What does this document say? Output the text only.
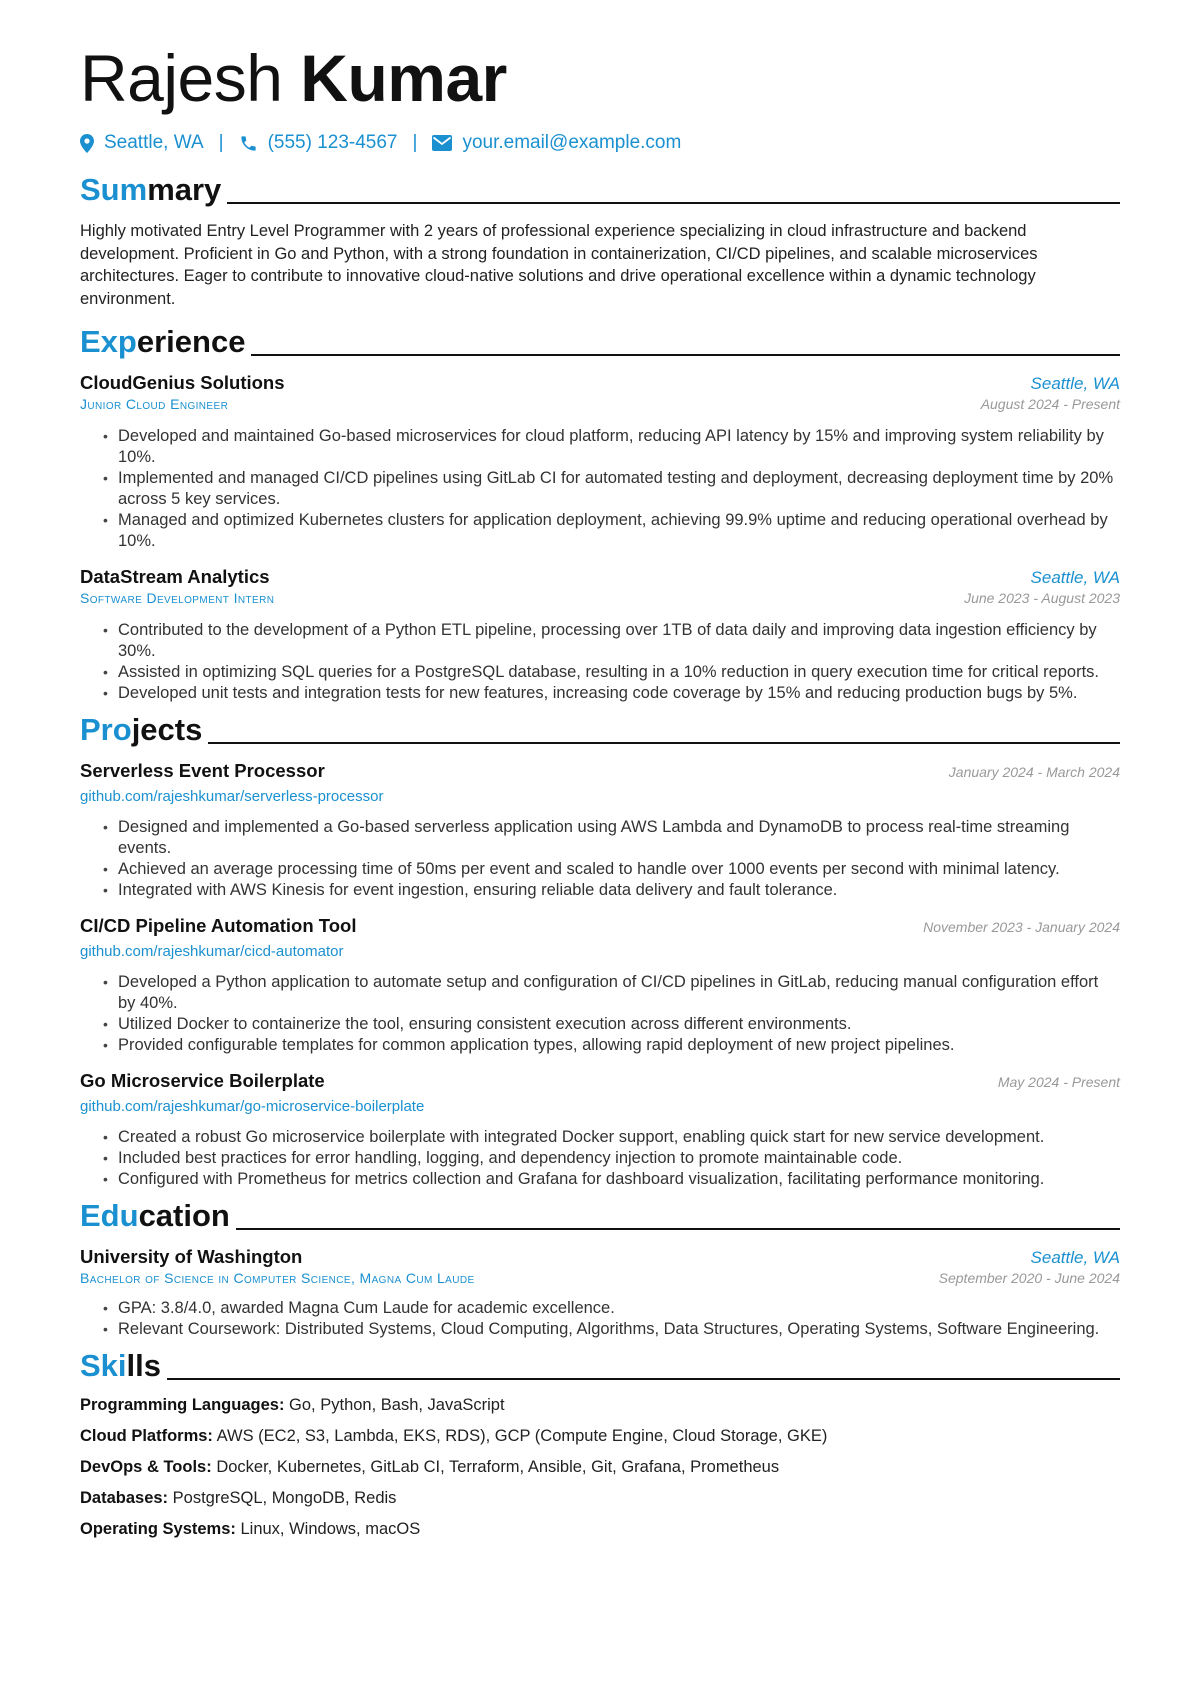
Rajesh Kumar
Seattle, WA | (555) 123-4567 | your.email@example.com
Summary
Highly motivated Entry Level Programmer with 2 years of professional experience specializing in cloud infrastructure and backend development. Proficient in Go and Python, with a strong foundation in containerization, CI/CD pipelines, and scalable microservices architectures. Eager to contribute to innovative cloud-native solutions and drive operational excellence within a dynamic technology environment.
Experience
CloudGenius Solutions	Seattle, WA
Junior Cloud Engineer	August 2024 - Present
• Developed and maintained Go-based microservices for cloud platform, reducing API latency by 15% and improving system reliability by 10%.
• Implemented and managed CI/CD pipelines using GitLab CI for automated testing and deployment, decreasing deployment time by 20% across 5 key services.
• Managed and optimized Kubernetes clusters for application deployment, achieving 99.9% uptime and reducing operational overhead by 10%.
DataStream Analytics	Seattle, WA
Software Development Intern	June 2023 - August 2023
• Contributed to the development of a Python ETL pipeline, processing over 1TB of data daily and improving data ingestion efficiency by 30%.
• Assisted in optimizing SQL queries for a PostgreSQL database, resulting in a 10% reduction in query execution time for critical reports.
• Developed unit tests and integration tests for new features, increasing code coverage by 15% and reducing production bugs by 5%.
Projects
Serverless Event Processor	January 2024 - March 2024
github.com/rajeshkumar/serverless-processor
• Designed and implemented a Go-based serverless application using AWS Lambda and DynamoDB to process real-time streaming events.
• Achieved an average processing time of 50ms per event and scaled to handle over 1000 events per second with minimal latency.
• Integrated with AWS Kinesis for event ingestion, ensuring reliable data delivery and fault tolerance.
CI/CD Pipeline Automation Tool	November 2023 - January 2024
github.com/rajeshkumar/cicd-automator
• Developed a Python application to automate setup and configuration of CI/CD pipelines in GitLab, reducing manual configuration effort by 40%.
• Utilized Docker to containerize the tool, ensuring consistent execution across different environments.
• Provided configurable templates for common application types, allowing rapid deployment of new project pipelines.
Go Microservice Boilerplate	May 2024 - Present
github.com/rajeshkumar/go-microservice-boilerplate
• Created a robust Go microservice boilerplate with integrated Docker support, enabling quick start for new service development.
• Included best practices for error handling, logging, and dependency injection to promote maintainable code.
• Configured with Prometheus for metrics collection and Grafana for dashboard visualization, facilitating performance monitoring.
Education
University of Washington	Seattle, WA
Bachelor of Science in Computer Science, Magna Cum Laude	September 2020 - June 2024
• GPA: 3.8/4.0, awarded Magna Cum Laude for academic excellence.
• Relevant Coursework: Distributed Systems, Cloud Computing, Algorithms, Data Structures, Operating Systems, Software Engineering.
Skills
Programming Languages: Go, Python, Bash, JavaScript
Cloud Platforms: AWS (EC2, S3, Lambda, EKS, RDS), GCP (Compute Engine, Cloud Storage, GKE)
DevOps & Tools: Docker, Kubernetes, GitLab CI, Terraform, Ansible, Git, Grafana, Prometheus
Databases: PostgreSQL, MongoDB, Redis
Operating Systems: Linux, Windows, macOS
